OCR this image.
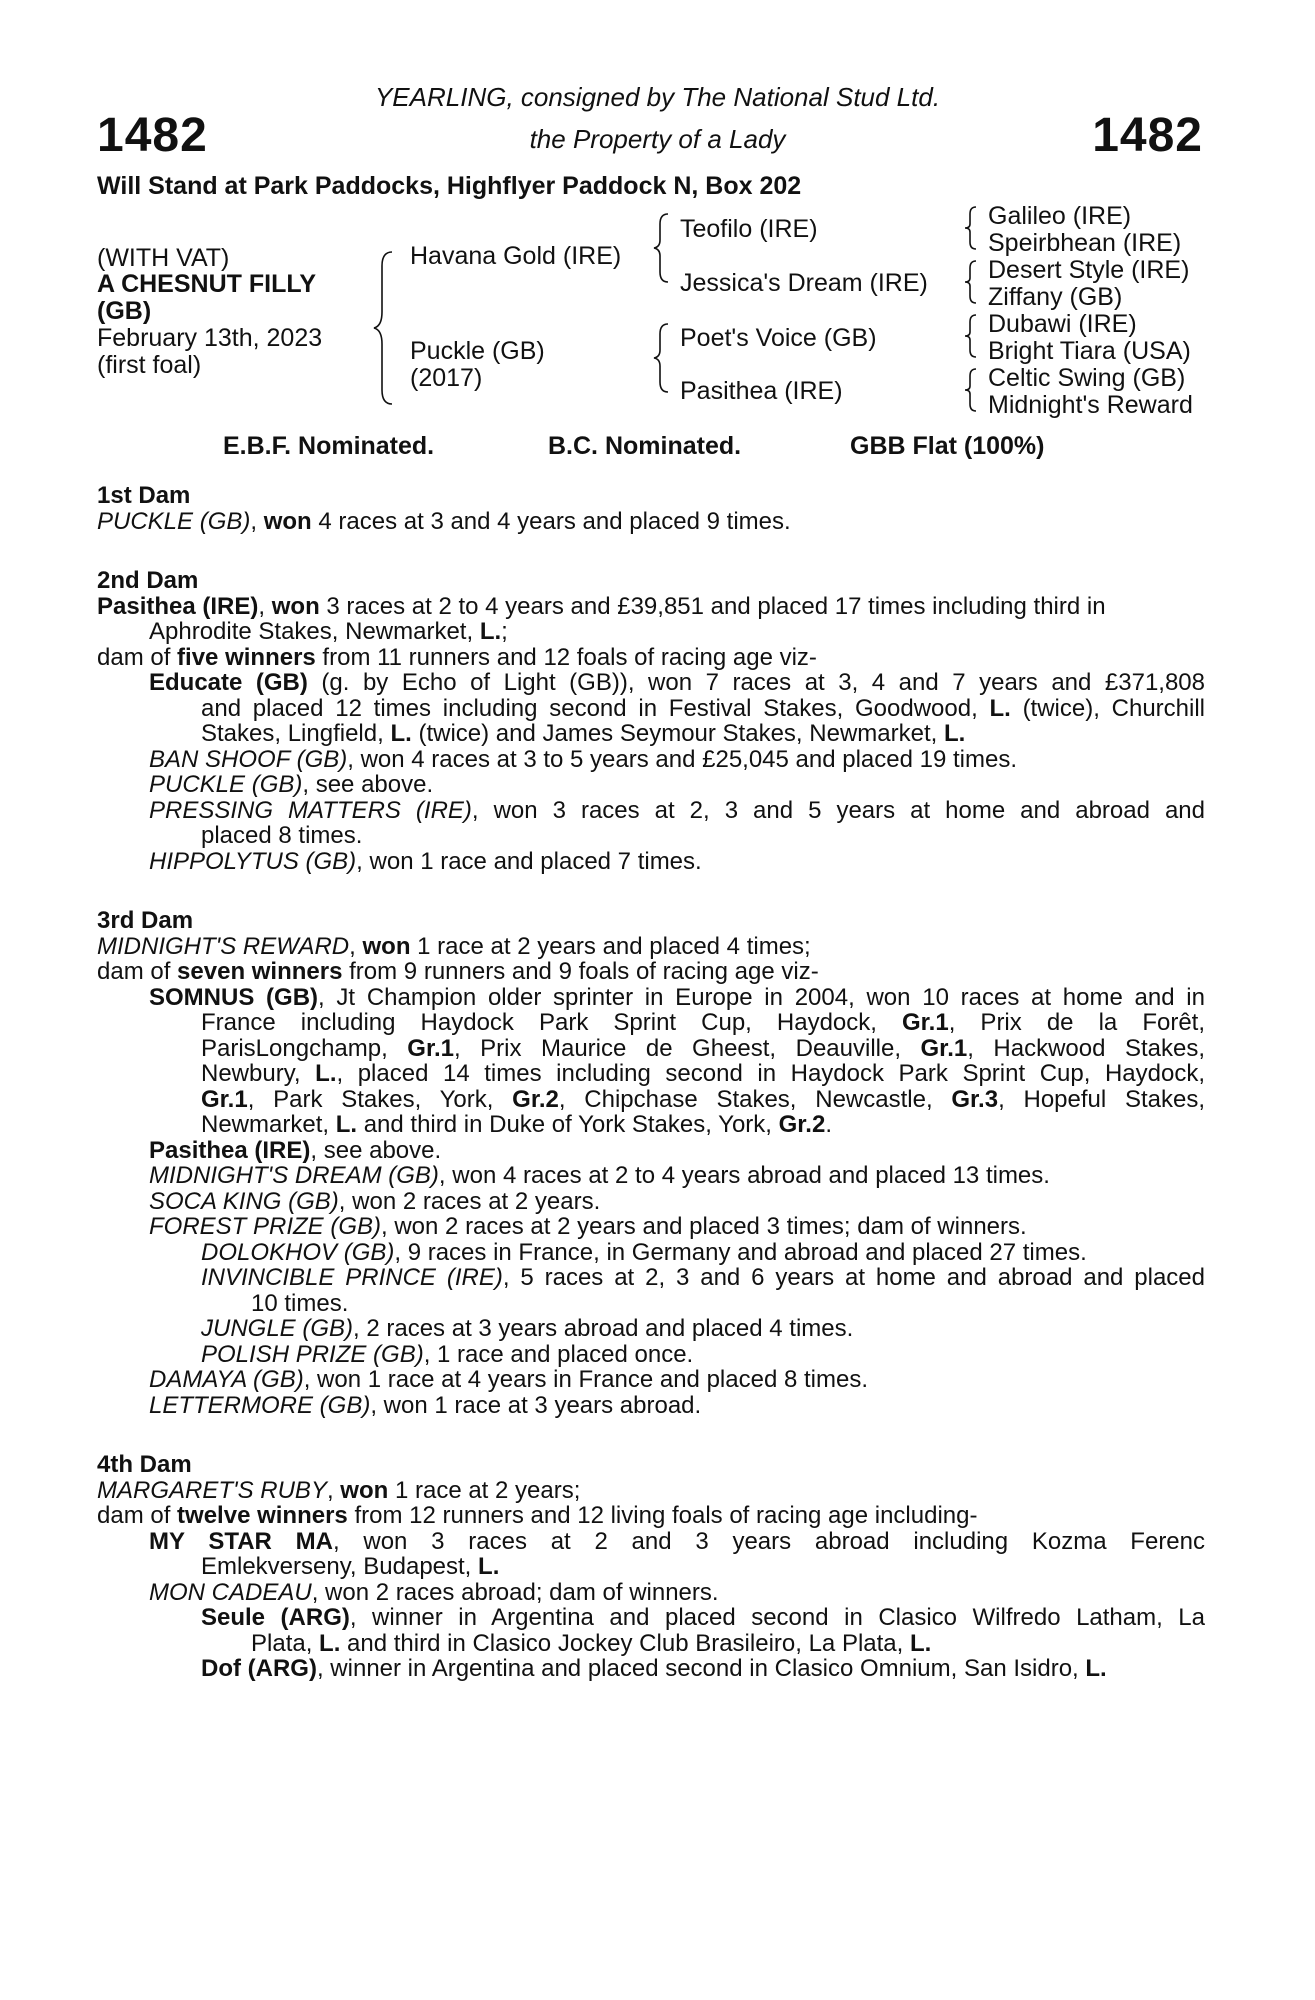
1482	1482
YEARLING, consigned by The National Stud Ltd.
the Property of a Lady
Will Stand at Park Paddocks, Highflyer Paddock N, Box 202
(WITH VAT)
A CHESNUT FILLY
(GB)
February 13th, 2023
(first foal)
Havana Gold (IRE)
Puckle (GB)
(2017)
Teofilo (IRE)
Jessica's Dream (IRE)
Poet's Voice (GB)
Pasithea (IRE)
Galileo (IRE)
Speirbhean (IRE)
Desert Style (IRE)
Ziffany (GB)
Dubawi (IRE)
Bright Tiara (USA)
Celtic Swing (GB)
Midnight's Reward
E.B.F. Nominated.	B.C. Nominated.	GBB Flat (100%)
1st Dam
PUCKLE (GB), won 4 races at 3 and 4 years and placed 9 times.
2nd Dam
Pasithea (IRE), won 3 races at 2 to 4 years and £39,851 and placed 17 times including third in
Aphrodite Stakes, Newmarket, L.;
dam of five winners from 11 runners and 12 foals of racing age viz-
Educate (GB) (g. by Echo of Light (GB)), won 7 races at 3, 4 and 7 years and £371,808
and placed 12 times including second in Festival Stakes, Goodwood, L. (twice), Churchill
Stakes, Lingfield, L. (twice) and James Seymour Stakes, Newmarket, L.
BAN SHOOF (GB), won 4 races at 3 to 5 years and £25,045 and placed 19 times.
PUCKLE (GB), see above.
PRESSING MATTERS (IRE), won 3 races at 2, 3 and 5 years at home and abroad and
placed 8 times.
HIPPOLYTUS (GB), won 1 race and placed 7 times.
3rd Dam
MIDNIGHT'S REWARD, won 1 race at 2 years and placed 4 times;
dam of seven winners from 9 runners and 9 foals of racing age viz-
SOMNUS (GB), Jt Champion older sprinter in Europe in 2004, won 10 races at home and in
France including Haydock Park Sprint Cup, Haydock, Gr.1, Prix de la Forêt,
ParisLongchamp, Gr.1, Prix Maurice de Gheest, Deauville, Gr.1, Hackwood Stakes,
Newbury, L., placed 14 times including second in Haydock Park Sprint Cup, Haydock,
Gr.1, Park Stakes, York, Gr.2, Chipchase Stakes, Newcastle, Gr.3, Hopeful Stakes,
Newmarket, L. and third in Duke of York Stakes, York, Gr.2.
Pasithea (IRE), see above.
MIDNIGHT'S DREAM (GB), won 4 races at 2 to 4 years abroad and placed 13 times.
SOCA KING (GB), won 2 races at 2 years.
FOREST PRIZE (GB), won 2 races at 2 years and placed 3 times; dam of winners.
DOLOKHOV (GB), 9 races in France, in Germany and abroad and placed 27 times.
INVINCIBLE PRINCE (IRE), 5 races at 2, 3 and 6 years at home and abroad and placed
10 times.
JUNGLE (GB), 2 races at 3 years abroad and placed 4 times.
POLISH PRIZE (GB), 1 race and placed once.
DAMAYA (GB), won 1 race at 4 years in France and placed 8 times.
LETTERMORE (GB), won 1 race at 3 years abroad.
4th Dam
MARGARET'S RUBY, won 1 race at 2 years;
dam of twelve winners from 12 runners and 12 living foals of racing age including-
MY STAR MA, won 3 races at 2 and 3 years abroad including Kozma Ferenc
Emlekverseny, Budapest, L.
MON CADEAU, won 2 races abroad; dam of winners.
Seule (ARG), winner in Argentina and placed second in Clasico Wilfredo Latham, La
Plata, L. and third in Clasico Jockey Club Brasileiro, La Plata, L.
Dof (ARG), winner in Argentina and placed second in Clasico Omnium, San Isidro, L.
